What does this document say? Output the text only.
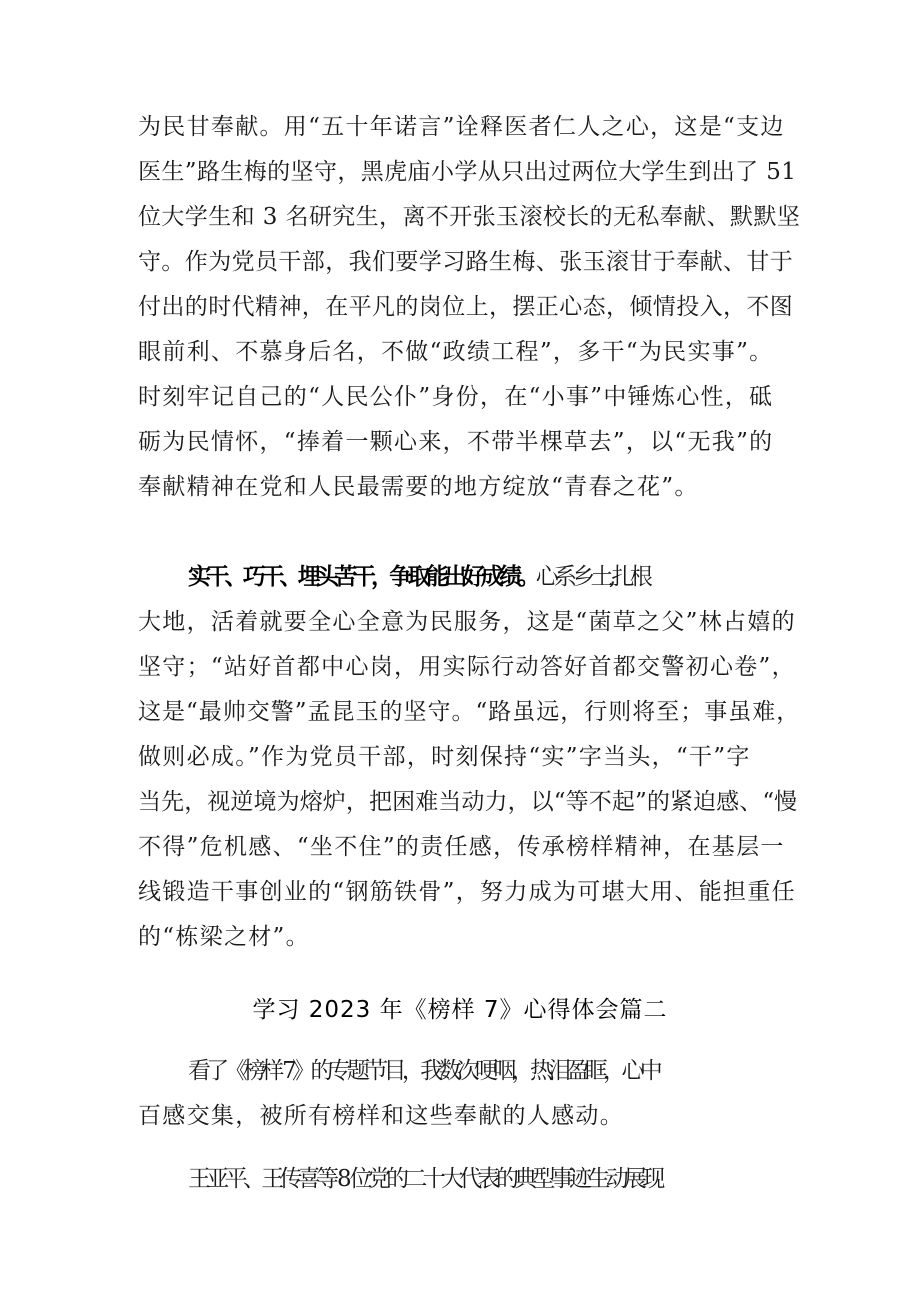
为民甘奉献。用“五十年诺言”诠释医者仁人之心，这是“支边
医生”路生梅的坚守，黑虎庙小学从只出过两位大学生到出了 51
位大学生和 3 名研究生，离不开张玉滚校长的无私奉献、默默坚
守。作为党员干部，我们要学习路生梅、张玉滚甘于奉献、甘于
付出的时代精神，在平凡的岗位上，摆正心态，倾情投入，不图
眼前利、不慕身后名，不做“政绩工程”，多干“为民实事”。
时刻牢记自己的“人民公仆”身份，在“小事”中锤炼心性，砥
砺为民情怀，“捧着一颗心来，不带半棵草去”，以“无我”的
奉献精神在党和人民最需要的地方绽放“青春之花”。
实干、巧干、埋头苦干，争取能出好成绩。心系乡土,扎根
大地，活着就要全心全意为民服务，这是“菌草之父”林占嬉的
坚守；“站好首都中心岗，用实际行动答好首都交警初心卷”，
这是“最帅交警”孟昆玉的坚守。“路虽远，行则将至；事虽难，
做则必成。”作为党员干部，时刻保持“实”字当头，“干”字
当先，视逆境为熔炉，把困难当动力，以“等不起”的紧迫感、“慢
不得”危机感、“坐不住”的责任感，传承榜样精神，在基层一
线锻造干事创业的“钢筋铁骨”，努力成为可堪大用、能担重任
的“栋梁之材”。
学习 2023 年《榜样 7》心得体会篇二
看了《榜样 7》的专题节目，我数次哽咽，热泪盈眶，心中
百感交集，被所有榜样和这些奉献的人感动。
王亚平、王传喜等 8 位党的二十大代表的典型事迹生动展现
